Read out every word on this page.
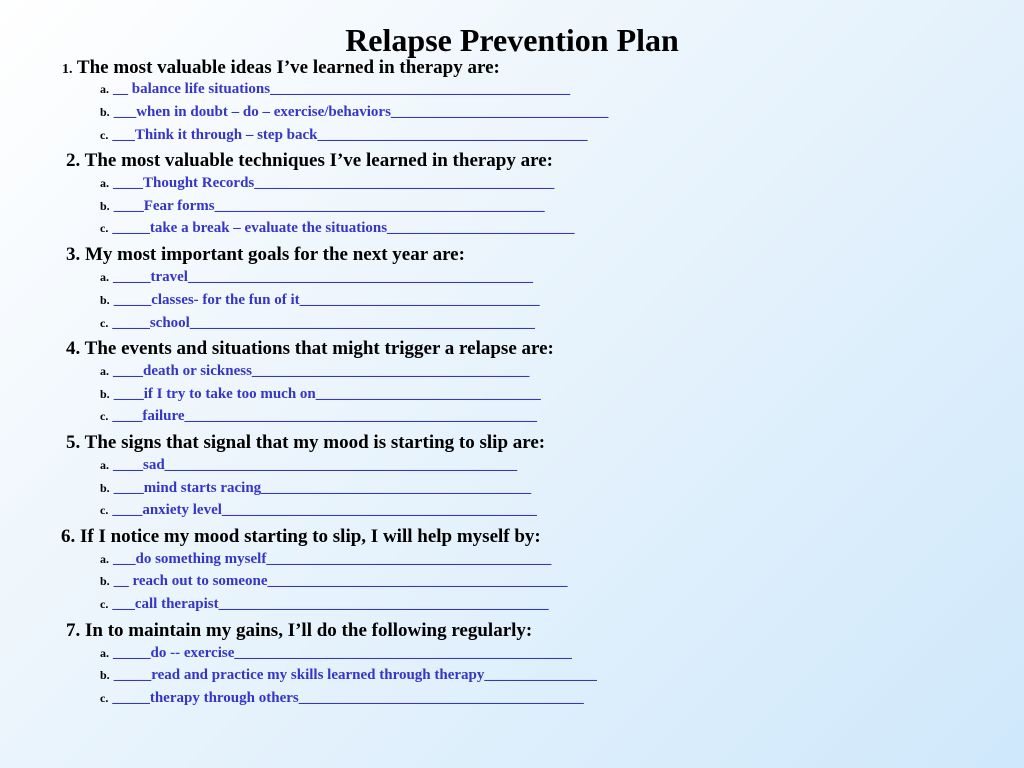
Relapse Prevention Plan
1. The most valuable ideas I’ve learned in therapy are:
a. __ balance life situations________________________________________
b. ___when in doubt – do – exercise/behaviors_____________________________
c. ___Think it through – step back____________________________________
2. The most valuable techniques I’ve learned in therapy are:
a. ____Thought Records________________________________________
b. ____Fear forms____________________________________________
c. _____take a break – evaluate the situations_________________________
3. My most important goals for the next year are:
a. _____travel______________________________________________
b. _____classes- for the fun of it________________________________
c. _____school______________________________________________
4. The events and situations that might trigger a relapse are:
a. ____death or sickness_____________________________________
b. ____if I try to take too much on______________________________
c. ____failure_______________________________________________
5. The signs that signal that my mood is starting to slip are:
a. ____sad_______________________________________________
b. ____mind starts racing____________________________________
c. ____anxiety level__________________________________________
6. If I notice my mood starting to slip, I will help myself by:
a. ___do something myself______________________________________
b. __ reach out to someone________________________________________
c. ___call therapist____________________________________________
7. In to maintain my gains, I’ll do the following regularly:
a. _____do -- exercise_____________________________________________
b. _____read and practice my skills learned through therapy_______________
c. _____therapy through others______________________________________
